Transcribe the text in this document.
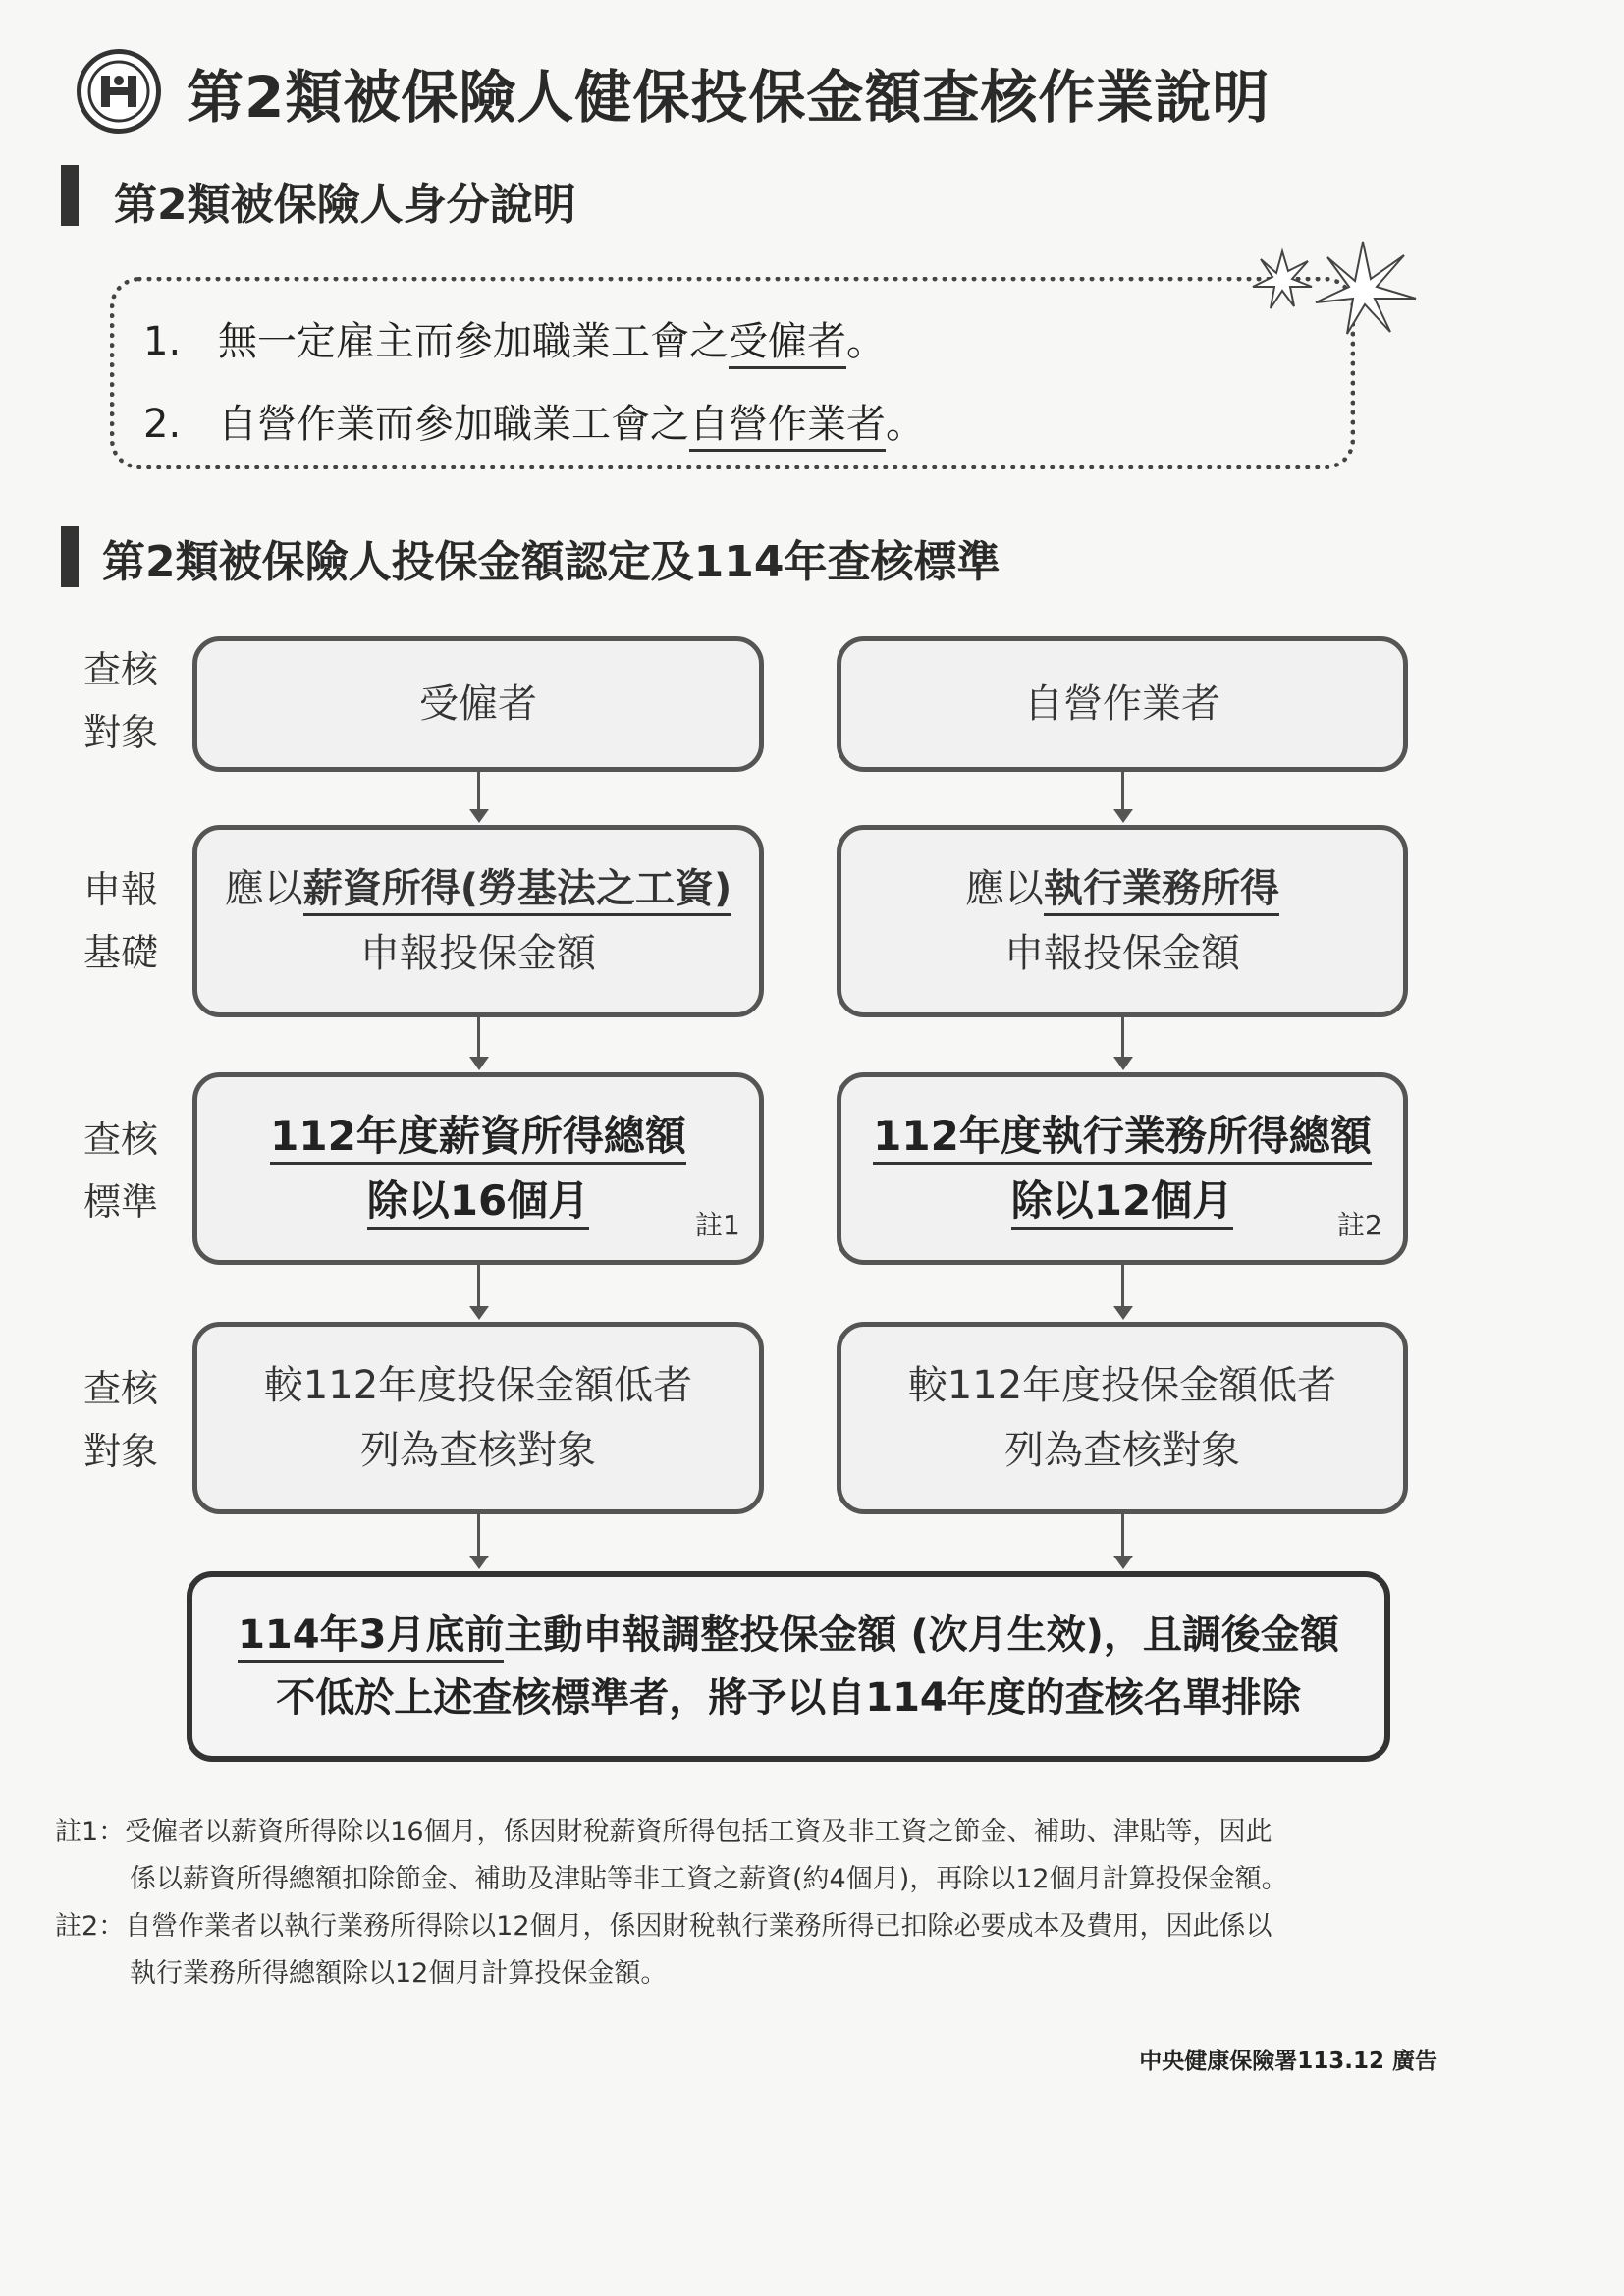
第2類被保險人健保投保金額查核作業說明
第2類被保險人身分說明
1. 無一定雇主而參加職業工會之受僱者。
2. 自營作業而參加職業工會之自營作業者。
第2類被保險人投保金額認定及114年查核標準
查核
對象
申報
基礎
查核
標準
查核
對象
受僱者
應以薪資所得(勞基法之工資)
申報投保金額
112年度薪資所得總額
除以16個月
註1
較112年度投保金額低者
列為查核對象
自營作業者
應以執行業務所得
申報投保金額
112年度執行業務所得總額
除以12個月
註2
較112年度投保金額低者
列為查核對象
114年3月底前主動申報調整投保金額 (次月生效)，且調後金額
不低於上述查核標準者，將予以自114年度的查核名單排除
註1：受僱者以薪資所得除以16個月，係因財稅薪資所得包括工資及非工資之節金、補助、津貼等，因此
係以薪資所得總額扣除節金、補助及津貼等非工資之薪資(約4個月)，再除以12個月計算投保金額。
註2：自營作業者以執行業務所得除以12個月，係因財稅執行業務所得已扣除必要成本及費用，因此係以
執行業務所得總額除以12個月計算投保金額。
中央健康保險署113.12 廣告
